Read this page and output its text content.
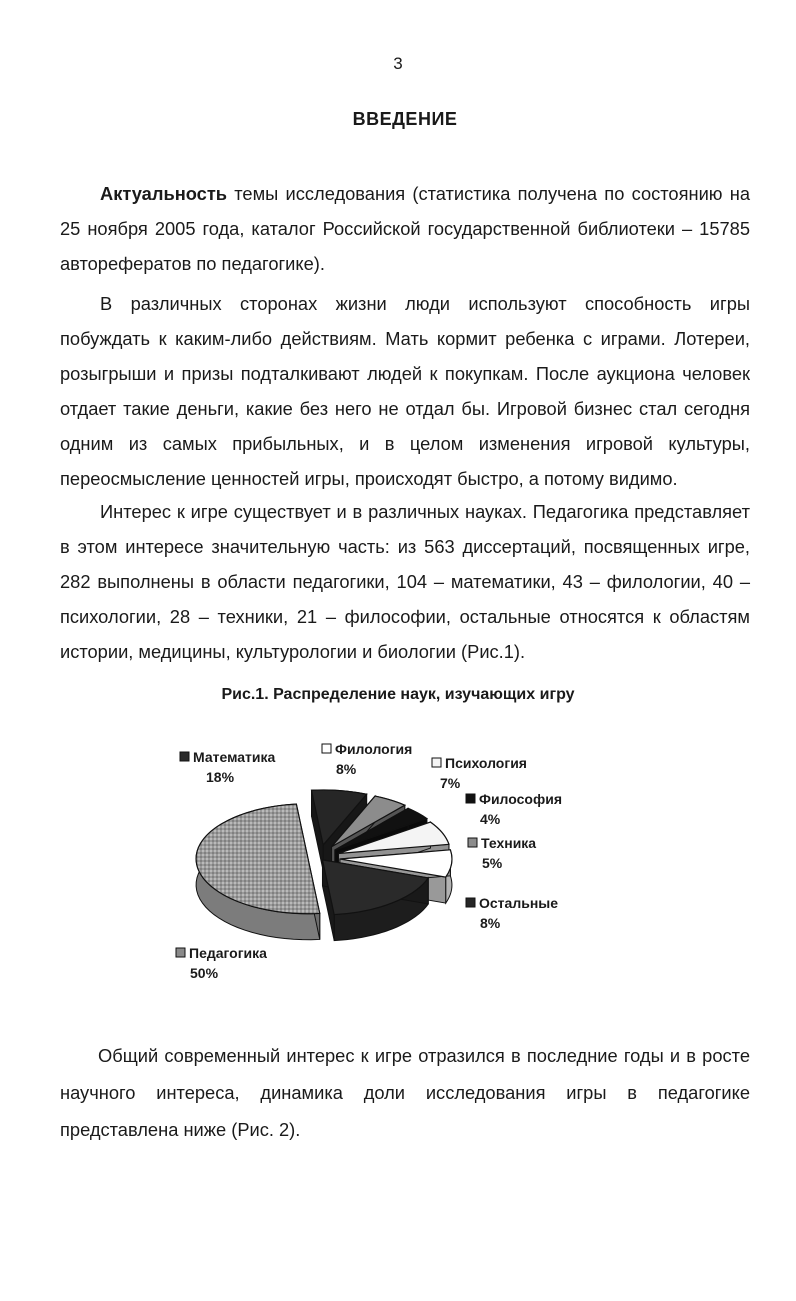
3
ВВЕДЕНИЕ

Актуальность темы исследования (статистика получена по состоянию на 25 ноября 2005 года, каталог Российской государственной библиотеки – 15785 авторефератов по педагогике).

В различных сторонах жизни люди используют способность игры побуждать к каким-либо действиям. Мать кормит ребенка с играми. Лотереи, розыгрыши и призы подталкивают людей к покупкам. После аукциона человек отдает такие деньги, какие без него не отдал бы. Игровой бизнес стал сегодня одним из самых прибыльных, и в целом изменения игровой культуры, переосмысление ценностей игры, происходят быстро, а потому видимо.

Интерес к игре существует и в различных науках. Педагогика представляет в этом интересе значительную часть: из 563 диссертаций, посвященных игре, 282 выполнены в области педагогики, 104 – математики, 43 – филологии, 40 – психологии, 28 – техники, 21 – философии, остальные относятся к областям истории, медицины, культурологии и биологии (Рис.1).

Рис.1. Распределение наук, изучающих игру
Педагогика
50%
Математика
18%
Филология
8%	Психология
7%
Философия
4%
Техника
5%
Остальные
8%

Общий современный интерес к игре отразился в последние годы и в росте научного интереса, динамика доли исследования игры в педагогике представлена ниже (Рис. 2).
